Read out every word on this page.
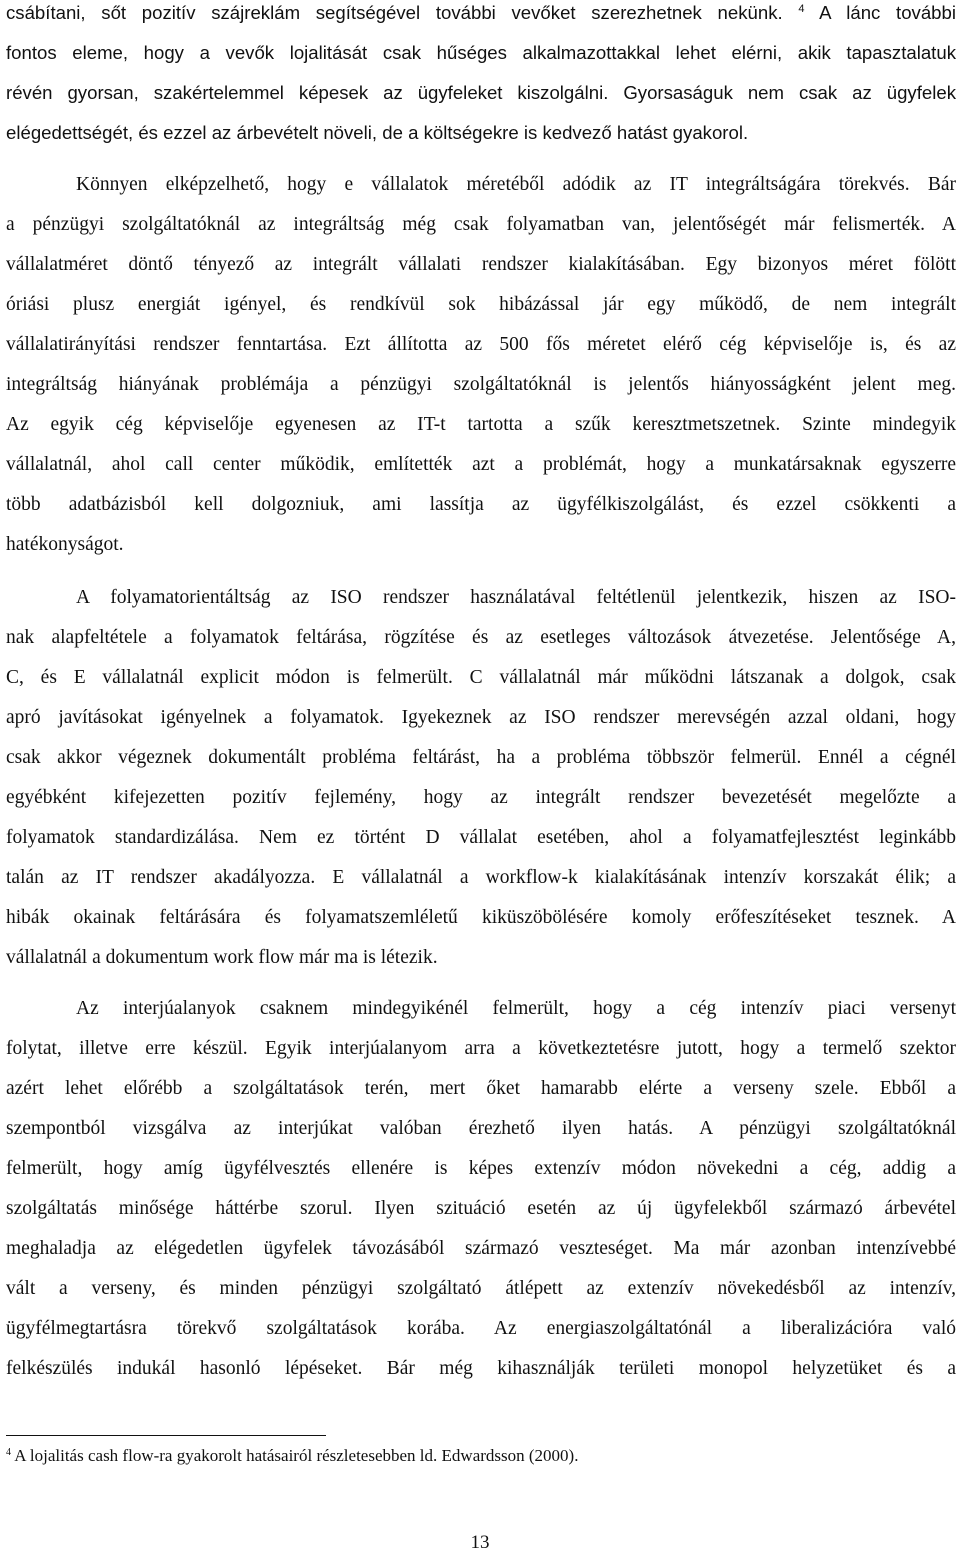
csábítani, sőt pozitív szájreklám segítségével további vevőket szerezhetnek nekünk. $^4$ A lánc további
fontos eleme, hogy a vevők lojalitását csak hűséges alkalmazottakkal lehet elérni, akik tapasztalatuk
révén gyorsan, szakértelemmel képesek az ügyfeleket kiszolgálni. Gyorsaságuk nem csak az ügyfelek
elégedettségét, és ezzel az árbevételt növeli, de a költségekre is kedvező hatást gyakorol.
Könnyen elképzelhető, hogy e vállalatok méretéből adódik az IT integráltságára törekvés. Bár
a pénzügyi szolgáltatóknál az integráltság még csak folyamatban van, jelentőségét már felismerték. A
vállalatméret döntő tényező az integrált vállalati rendszer kialakításában. Egy bizonyos méret fölött
óriási plusz energiát igényel, és rendkívül sok hibázással jár egy működő, de nem integrált
vállalatirányítási rendszer fenntartása. Ezt állította az 500 fős méretet elérő cég képviselője is, és az
integráltság hiányának problémája a pénzügyi szolgáltatóknál is jelentős hiányosságként jelent meg.
Az egyik cég képviselője egyenesen az IT-t tartotta a szűk keresztmetszetnek. Szinte mindegyik
vállalatnál, ahol call center működik, említették azt a problémát, hogy a munkatársaknak egyszerre
több adatbázisból kell dolgozniuk, ami lassítja az ügyfélkiszolgálást, és ezzel csökkenti a
hatékonyságot.
A folyamatorientáltság az ISO rendszer használatával feltétlenül jelentkezik, hiszen az ISO-
nak alapfeltétele a folyamatok feltárása, rögzítése és az esetleges változások átvezetése. Jelentősége A,
C, és E vállalatnál explicit módon is felmerült. C vállalatnál már működni látszanak a dolgok, csak
apró javításokat igényelnek a folyamatok. Igyekeznek az ISO rendszer merevségén azzal oldani, hogy
csak akkor végeznek dokumentált probléma feltárást, ha a probléma többször felmerül. Ennél a cégnél
egyébként kifejezetten pozitív fejlemény, hogy az integrált rendszer bevezetését megelőzte a
folyamatok standardizálása. Nem ez történt D vállalat esetében, ahol a folyamatfejlesztést leginkább
talán az IT rendszer akadályozza. E vállalatnál a workflow-k kialakításának intenzív korszakát élik; a
hibák okainak feltárására és folyamatszemléletű kiküszöbölésére komoly erőfeszítéseket tesznek. A
vállalatnál a dokumentum work flow már ma is létezik.
Az interjúalanyok csaknem mindegyikénél felmerült, hogy a cég intenzív piaci versenyt
folytat, illetve erre készül. Egyik interjúalanyom arra a következtetésre jutott, hogy a termelő szektor
azért lehet előrébb a szolgáltatások terén, mert őket hamarabb elérte a verseny szele. Ebből a
szempontból vizsgálva az interjúkat valóban érezhető ilyen hatás. A pénzügyi szolgáltatóknál
felmerült, hogy amíg ügyfélvesztés ellenére is képes extenzív módon növekedni a cég, addig a
szolgáltatás minősége háttérbe szorul. Ilyen szituáció esetén az új ügyfelekből származó árbevétel
meghaladja az elégedetlen ügyfelek távozásából származó veszteséget. Ma már azonban intenzívebbé
vált a verseny, és minden pénzügyi szolgáltató átlépett az extenzív növekedésből az intenzív,
ügyfélmegtartásra törekvő szolgáltatások korába. Az energiaszolgáltatónál a liberalizációra való
felkészülés indukál hasonló lépéseket. Bár még kihasználják területi monopol helyzetüket és a
$^4$ A lojalitás cash flow-ra gyakorolt hatásairól részletesebben ld. Edwardsson (2000).
13
